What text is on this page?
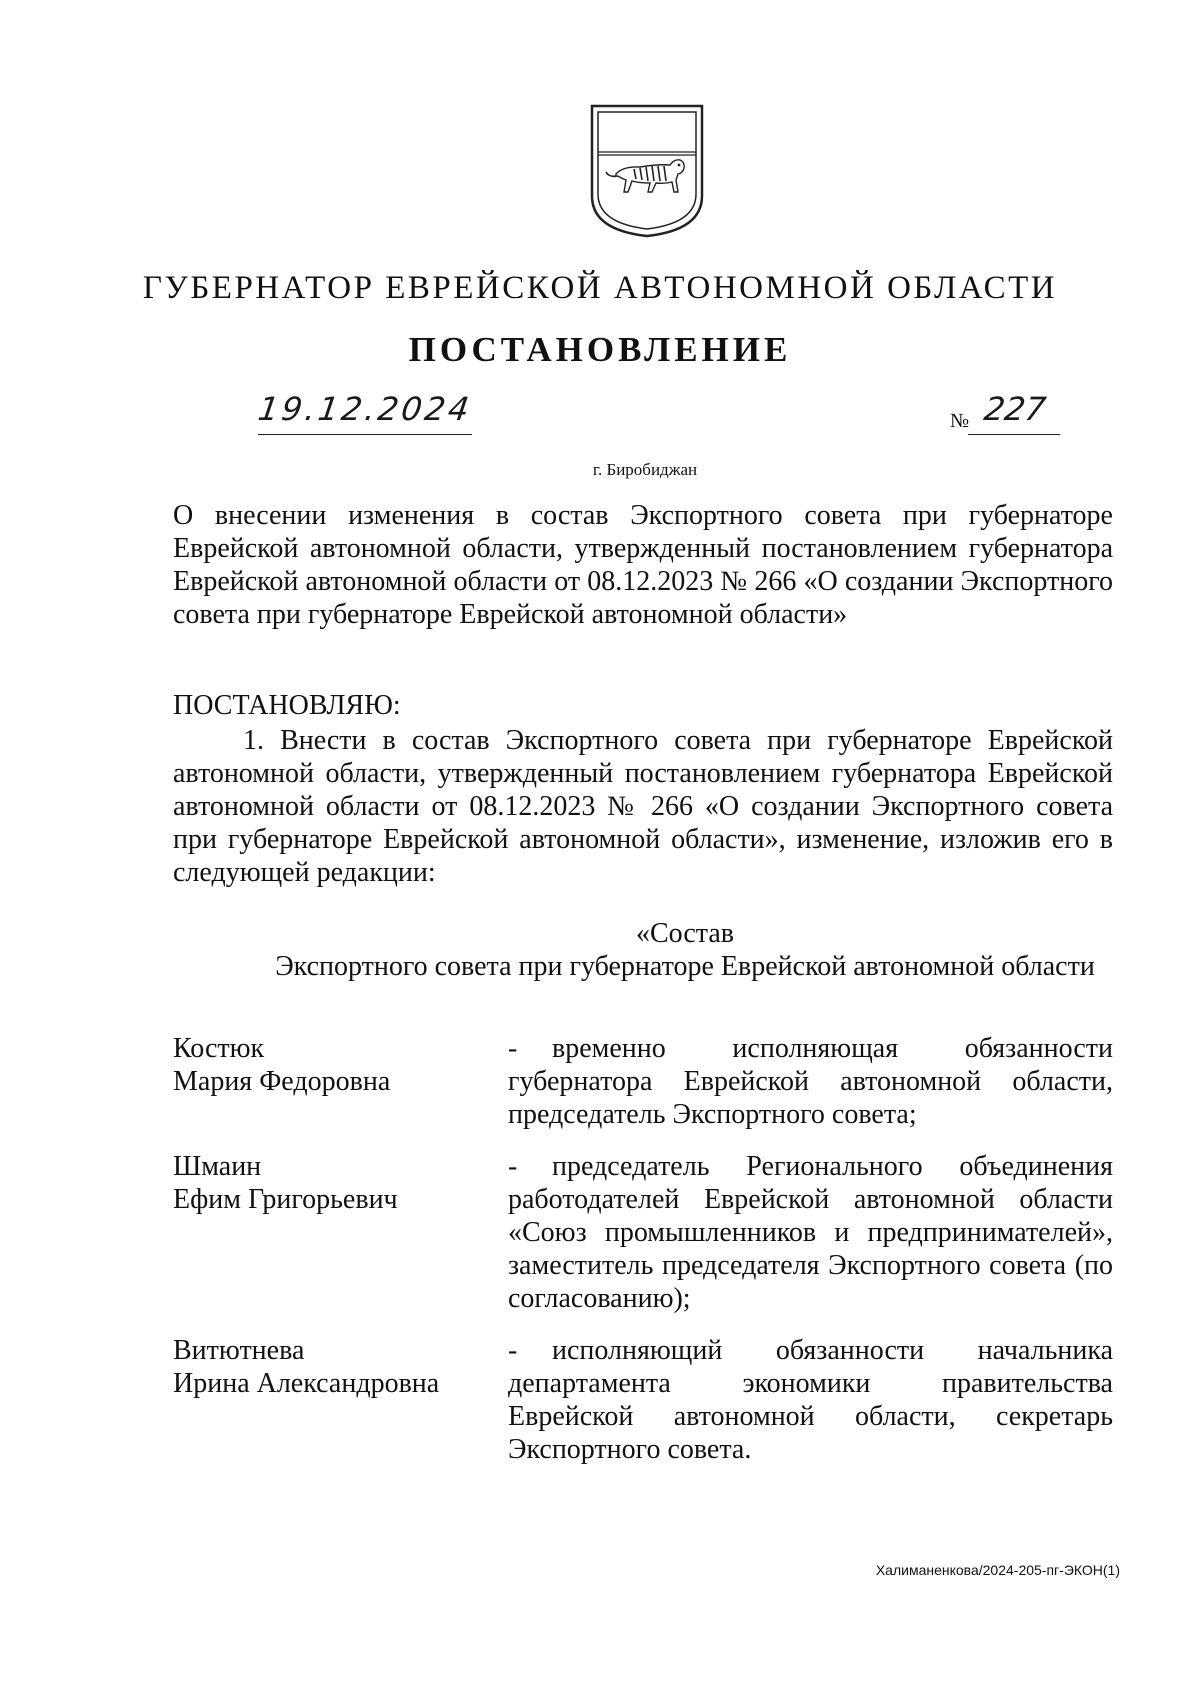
ГУБЕРНАТОР ЕВРЕЙСКОЙ АВТОНОМНОЙ ОБЛАСТИ
ПОСТАНОВЛЕНИЕ
19.12.2024	№ 227
г. Биробиджан
О внесении изменения в состав Экспортного совета при губернаторе Еврейской автономной области, утвержденный постановлением губернатора Еврейской автономной области от 08.12.2023 № 266 «О создании Экспортного совета при губернаторе Еврейской автономной области»
ПОСТАНОВЛЯЮ:
1. Внести в состав Экспортного совета при губернаторе Еврейской автономной области, утвержденный постановлением губернатора Еврейской автономной области от 08.12.2023 № 266 «О создании Экспортного совета при губернаторе Еврейской автономной области», изменение, изложив его в следующей редакции:
«Состав
Экспортного совета при губернаторе Еврейской автономной области
Костюк
Мария Федоровна
-	временно исполняющая обязанности губернатора Еврейской автономной области, председатель Экспортного совета;
Шмаин
Ефим Григорьевич
-	председатель Регионального объединения работодателей Еврейской автономной области «Союз промышленников и предпринимателей», заместитель председателя Экспортного совета (по согласованию);
Витютнева
Ирина Александровна
-	исполняющий обязанности начальника департамента экономики правительства Еврейской автономной области, секретарь Экспортного совета.
Халиманенкова/2024-205-пг-ЭКОН(1)
